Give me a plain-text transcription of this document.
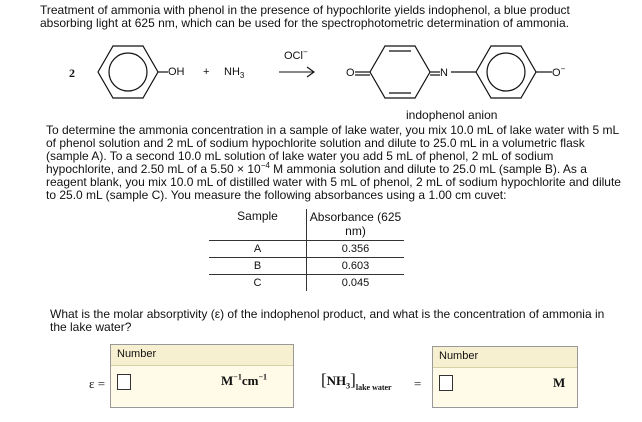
Treatment of ammonia with phenol in the presence of hypochlorite yields indophenol, a blue product absorbing light at 625 nm, which can be used for the spectrophotometric determination of ammonia.
2	OH + $NH_3$
OCl−
O	N	O−
indophenol anion
To determine the ammonia concentration in a sample of lake water, you mix 10.0 mL of lake water with 5 mL of phenol solution and 2 mL of sodium hypochlorite solution and dilute to 25.0 mL in a volumetric flask (sample A). To a second 10.0 mL solution of lake water you add 5 mL of phenol, 2 mL of sodium hypochlorite, and 2.50 mL of a $5.50 \times 10^{-4}$ M ammonia solution and dilute to 25.0 mL (sample B). As a reagent blank, you mix 10.0 mL of distilled water with 5 mL of phenol, 2 mL of sodium hypochlorite and dilute to 25.0 mL (sample C). You measure the following absorbances using a 1.00 cm cuvet:
Sample	Absorbance (625 nm)
A	0.356
B	0.603
C	0.045
What is the molar absorptivity (ε) of the indophenol product, and what is the concentration of ammonia in the lake water?
ε =
Number
$M^{-1}cm^{-1}$	$[NH_3]_{lake water}$ =
Number
M
